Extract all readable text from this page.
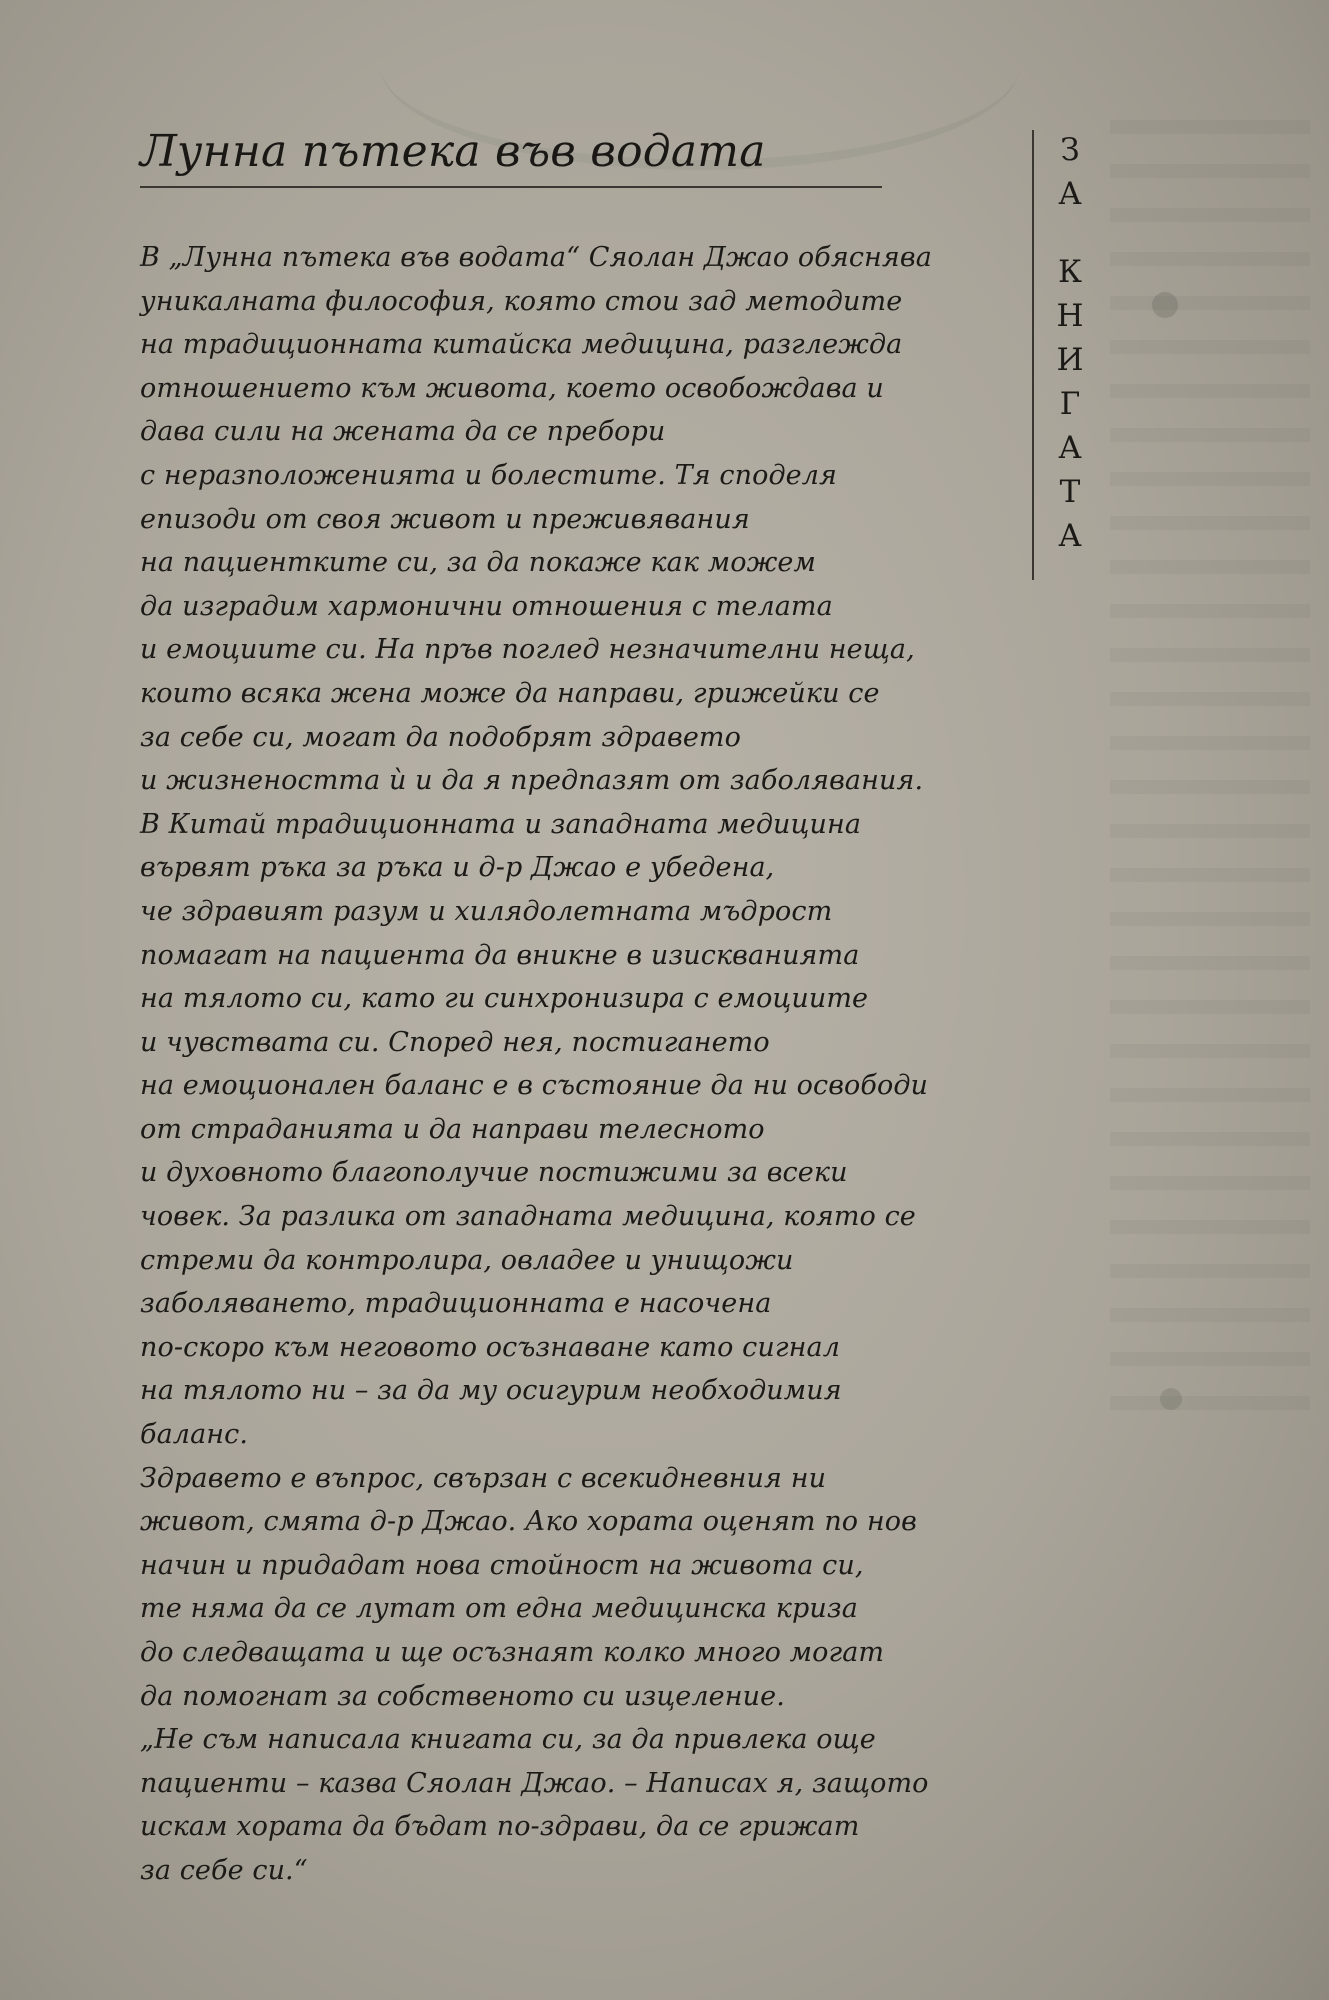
Лунна пътека във водата
В „Лунна пътека във водата“ Сяолан Джао обяснява
уникалната философия, която стои зад методите
на традиционната китайска медицина, разглежда
отношението към живота, което освобождава и
дава сили на жената да се пребори
с неразположенията и болестите. Тя споделя
епизоди от своя живот и преживявания
на пациентките си, за да покаже как можем
да изградим хармонични отношения с телата
и емоциите си. На пръв поглед незначителни неща,
които всяка жена може да направи, грижейки се
за себе си, могат да подобрят здравето
и жизнеността ѝ и да я предпазят от заболявания.
В Китай традиционната и западната медицина
вървят ръка за ръка и д-р Джао е убедена,
че здравият разум и хилядолетната мъдрост
помагат на пациента да вникне в изискванията
на тялото си, като ги синхронизира с емоциите
и чувствата си. Според нея, постигането
на емоционален баланс е в състояние да ни освободи
от страданията и да направи телесното
и духовното благополучие постижими за всеки
човек. За разлика от западната медицина, която се
стреми да контролира, овладее и унищожи
заболяването, традиционната е насочена
по-скоро към неговото осъзнаване като сигнал
на тялото ни – за да му осигурим необходимия
баланс.
Здравето е въпрос, свързан с всекидневния ни
живот, смята д-р Джао. Ако хората оценят по нов
начин и придадат нова стойност на живота си,
те няма да се лутат от една медицинска криза
до следващата и ще осъзнаят колко много могат
да помогнат за собственото си изцеление.
„Не съм написала книгата си, за да привлека още
пациенти – казва Сяолан Джао. – Написах я, защото
искам хората да бъдат по-здрави, да се грижат
за себе си.“
З
А
К
Н
И
Г
А
Т
А
